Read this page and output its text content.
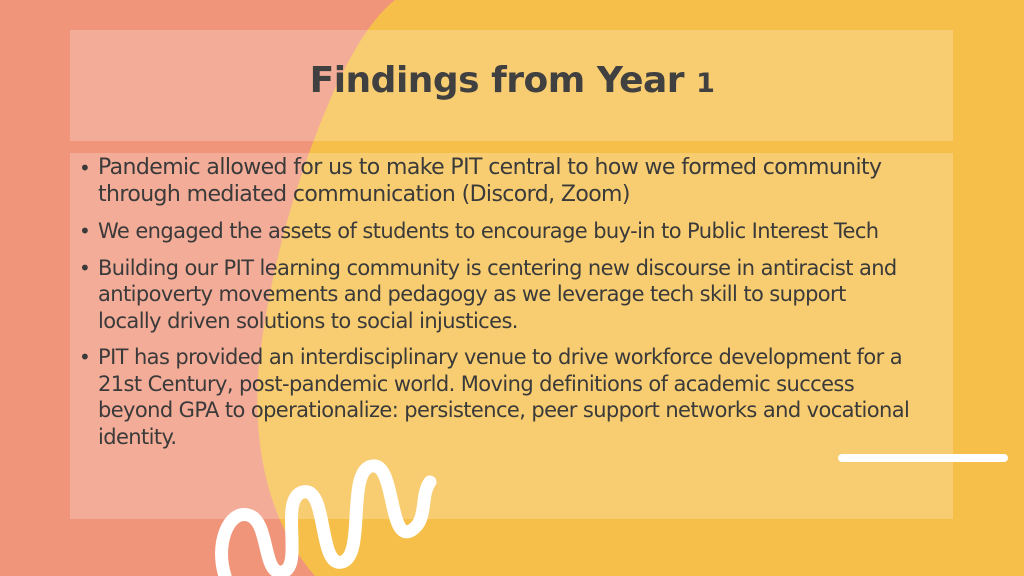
Findings from Year 1
• Pandemic allowed for us to make PIT central to how we formed community through mediated communication (Discord, Zoom)
• We engaged the assets of students to encourage buy-in to Public Interest Tech
• Building our PIT learning community is centering new discourse in antiracist and antipoverty movements and pedagogy as we leverage tech skill to support locally driven solutions to social injustices.
• PIT has provided an interdisciplinary venue to drive workforce development for a 21st Century, post-pandemic world. Moving definitions of academic success beyond GPA to operationalize: persistence, peer support networks and vocational identity.
